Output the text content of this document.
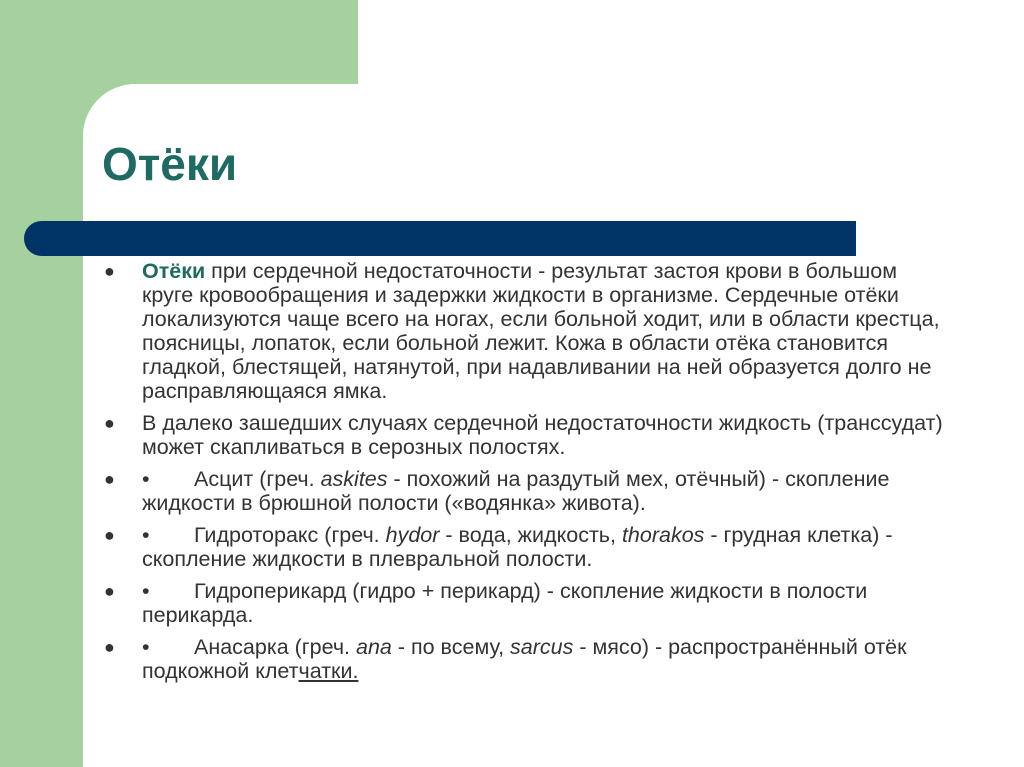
Отёки
● Отёки при сердечной недостаточности - результат застоя крови в большом круге кровообращения и задержки жидкости в организме. Сердечные отёки локализуются чаще всего на ногах, если больной ходит, или в области крестца, поясницы, лопаток, если больной лежит. Кожа в области отёка становится гладкой, блестящей, натянутой, при надавливании на ней образуется долго не расправляющаяся ямка.
● В далеко зашедших случаях сердечной недостаточности жидкость (транссудат) может скапливаться в серозных полостях.
● • Асцит (греч. askites - похожий на раздутый мех, отёчный) - скопление жидкости в брюшной полости («водянка» живота).
● • Гидроторакс (греч. hydor - вода, жидкость, thorakos - грудная клетка) - скопление жидкости в плевральной полости.
● • Гидроперикард (гидро + перикард) - скопление жидкости в полости перикарда.
● • Анасарка (греч. ana - по всему, sarcus - мясо) - распространённый отёк подкожной клетчатки.
